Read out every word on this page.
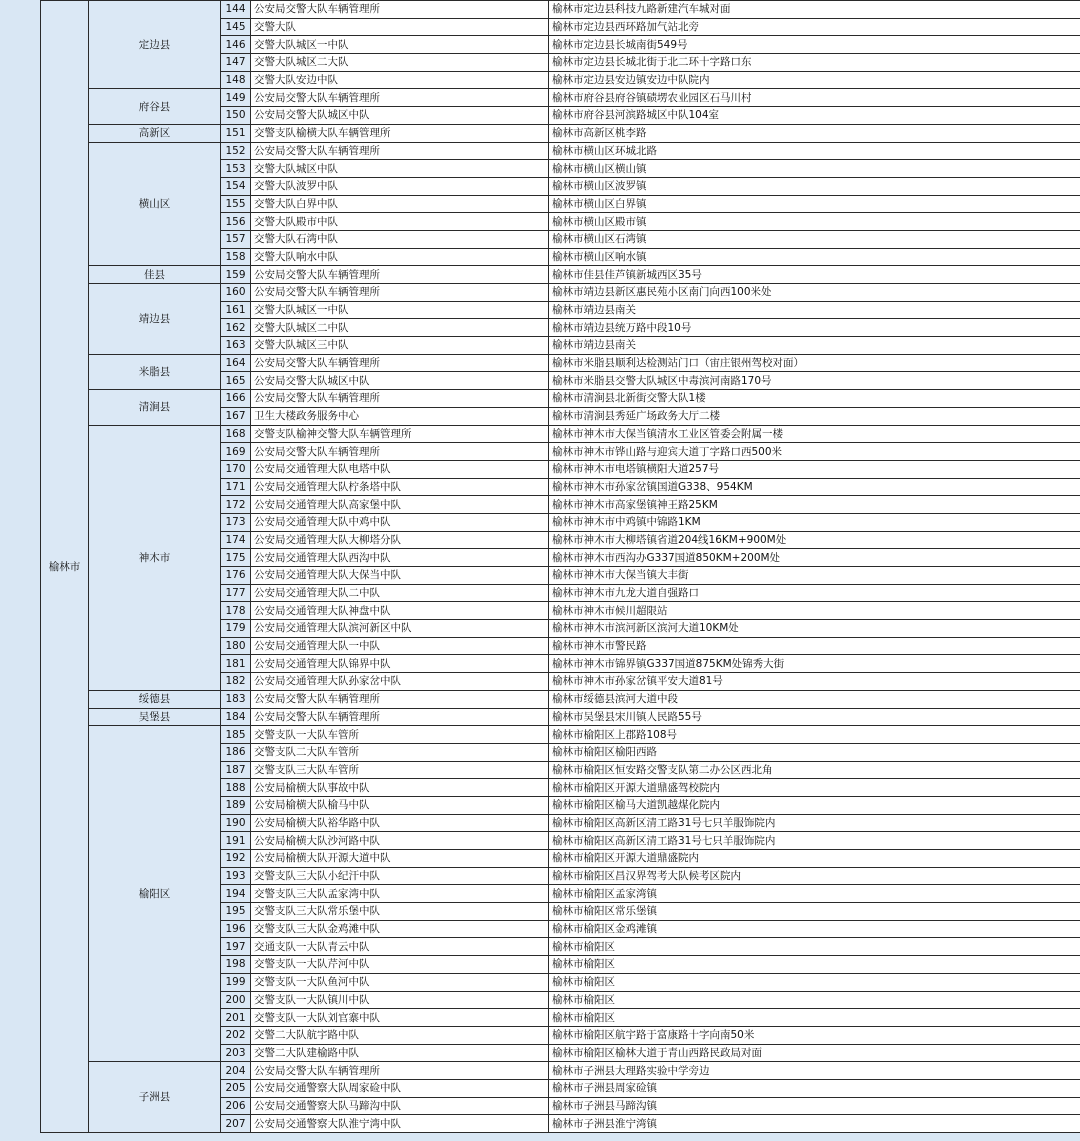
榆林市	定边县	144	公安局交警大队车辆管理所	榆林市定边县科技九路新建汽车城对面
		145	交警大队	榆林市定边县西环路加气站北旁
		146	交警大队城区一中队	榆林市定边县长城南街549号
		147	交警大队城区二大队	榆林市定边县长城北街于北二环十字路口东
		148	交警大队安边中队	榆林市定边县安边镇安边中队院内
	府谷县	149	公安局交警大队车辆管理所	榆林市府谷县府谷镇碛塄农业园区石马川村
		150	公安局交警大队城区中队	榆林市府谷县河滨路城区中队104室
	高新区	151	交警支队榆横大队车辆管理所	榆林市高新区桃李路
	横山区	152	公安局交警大队车辆管理所	榆林市横山区环城北路
		153	交警大队城区中队	榆林市横山区横山镇
		154	交警大队波罗中队	榆林市横山区波罗镇
		155	交警大队白界中队	榆林市横山区白界镇
		156	交警大队殿市中队	榆林市横山区殿市镇
		157	交警大队石湾中队	榆林市横山区石湾镇
		158	交警大队响水中队	榆林市横山区响水镇
	佳县	159	公安局交警大队车辆管理所	榆林市佳县佳芦镇新城西区35号
	靖边县	160	公安局交警大队车辆管理所	榆林市靖边县新区惠民苑小区南门向西100米处
		161	交警大队城区一中队	榆林市靖边县南关
		162	交警大队城区二中队	榆林市靖边县统万路中段10号
		163	交警大队城区三中队	榆林市靖边县南关
	米脂县	164	公安局交警大队车辆管理所	榆林市米脂县顺利达检测站门口（宙庄银州驾校对面）
		165	公安局交警大队城区中队	榆林市米脂县交警大队城区中毒滨河南路170号
	清涧县	166	公安局交警大队车辆管理所	榆林市清涧县北新街交警大队1楼
		167	卫生大楼政务服务中心	榆林市清涧县秀延广场政务大厅二楼
	神木市	168	交警支队榆神交警大队车辆管理所	榆林市神木市大保当镇清水工业区管委会附属一楼
		169	公安局交警大队车辆管理所	榆林市神木市铧山路与迎宾大道丁字路口西500米
		170	公安局交通管理大队电塔中队	榆林市神木市电塔镇横阳大道257号
		171	公安局交通管理大队柠条塔中队	榆林市神木市孙家岔镇国道G338、954KM
		172	公安局交通管理大队高家堡中队	榆林市神木市高家堡镇神王路25KM
		173	公安局交通管理大队中鸡中队	榆林市神木市中鸡镇中锦路1KM
		174	公安局交通管理大队大柳塔分队	榆林市神木市大柳塔镇省道204线16KM+900M处
		175	公安局交通管理大队西沟中队	榆林市神木市西沟办G337国道850KM+200M处
		176	公安局交通管理大队大保当中队	榆林市神木市大保当镇大丰街
		177	公安局交通管理大队二中队	榆林市神木市九龙大道自强路口
		178	公安局交通管理大队神盘中队	榆林市神木市候川超限站
		179	公安局交通管理大队滨河新区中队	榆林市神木市滨河新区滨河大道10KM处
		180	公安局交通管理大队一中队	榆林市神木市警民路
		181	公安局交通管理大队锦界中队	榆林市神木市锦界镇G337国道875KM处锦秀大街
		182	公安局交通管理大队孙家岔中队	榆林市神木市孙家岔镇平安大道81号
	绥德县	183	公安局交警大队车辆管理所	榆林市绥德县滨河大道中段
	吴堡县	184	公安局交警大队车辆管理所	榆林市吴堡县宋川镇人民路55号
	榆阳区	185	交警支队一大队车管所	榆林市榆阳区上郡路108号
		186	交警支队二大队车管所	榆林市榆阳区榆阳西路
		187	交警支队三大队车管所	榆林市榆阳区恒安路交警支队第二办公区西北角
		188	公安局榆横大队事故中队	榆林市榆阳区开源大道鼎盛驾校院内
		189	公安局榆横大队榆马中队	榆林市榆阳区榆马大道凯越煤化院内
		190	公安局榆横大队裕华路中队	榆林市榆阳区高新区清工路31号七只羊服饰院内
		191	公安局榆横大队沙河路中队	榆林市榆阳区高新区清工路31号七只羊服饰院内
		192	公安局榆横大队开源大道中队	榆林市榆阳区开源大道鼎盛院内
		193	交警支队三大队小纪汗中队	榆林市榆阳区昌汉界驾考大队候考区院内
		194	交警支队三大队孟家湾中队	榆林市榆阳区孟家湾镇
		195	交警支队三大队常乐堡中队	榆林市榆阳区常乐堡镇
		196	交警支队三大队金鸡滩中队	榆林市榆阳区金鸡滩镇
		197	交通支队一大队青云中队	榆林市榆阳区
		198	交警支队一大队芹河中队	榆林市榆阳区
		199	交警支队一大队鱼河中队	榆林市榆阳区
		200	交警支队一大队镇川中队	榆林市榆阳区
		201	交警支队一大队刘官寨中队	榆林市榆阳区
		202	交警二大队航宇路中队	榆林市榆阳区航宇路于富康路十字向南50米
		203	交警二大队建榆路中队	榆林市榆阳区榆林大道于青山西路民政局对面
	子洲县	204	公安局交警大队车辆管理所	榆林市子洲县大理路实验中学旁边
		205	公安局交通警察大队周家硷中队	榆林市子洲县周家硷镇
		206	公安局交通警察大队马蹄沟中队	榆林市子洲县马蹄沟镇
		207	公安局交通警察大队淮宁湾中队	榆林市子洲县淮宁湾镇
